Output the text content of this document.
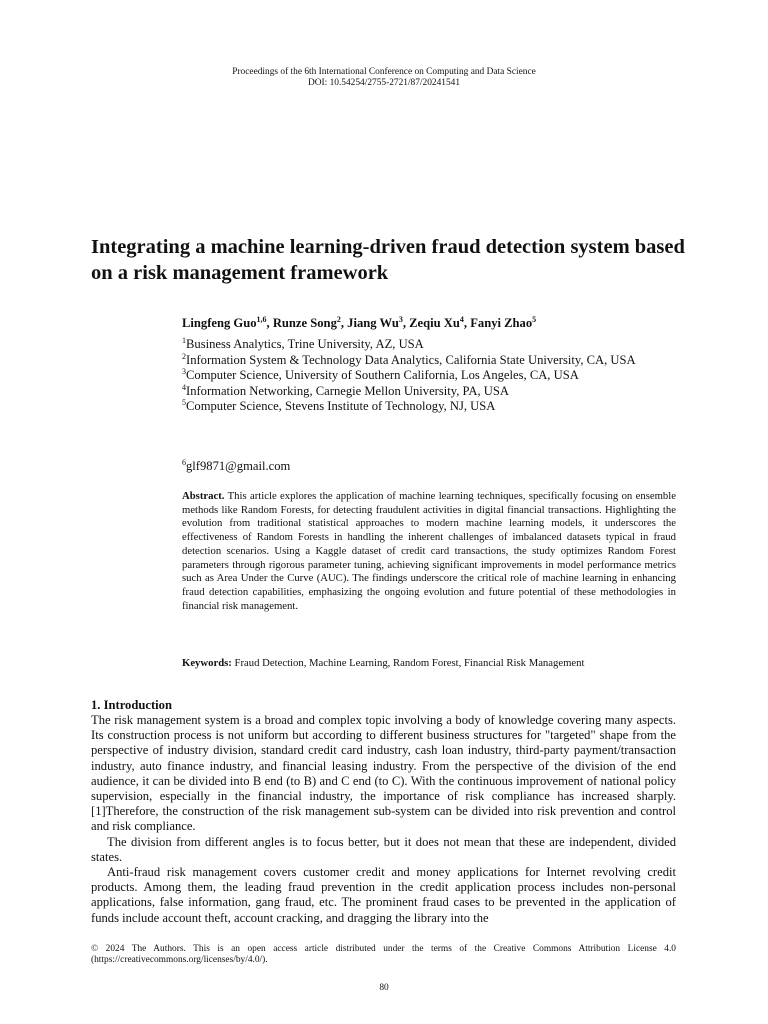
Proceedings of the 6th International Conference on Computing and Data Science
DOI: 10.54254/2755-2721/87/20241541
Integrating a machine learning-driven fraud detection system based on a risk management framework
Lingfeng Guo$^{1,6}$, Runze Song$^2$, Jiang Wu$^3$, Zeqiu Xu$^4$, Fanyi Zhao$^5$
$^1$Business Analytics, Trine University, AZ, USA
$^2$Information System & Technology Data Analytics, California State University, CA, USA
$^3$Computer Science, University of Southern California, Los Angeles, CA, USA
$^4$Information Networking, Carnegie Mellon University, PA, USA
$^5$Computer Science, Stevens Institute of Technology, NJ, USA
$^6$glf9871@gmail.com
Abstract. This article explores the application of machine learning techniques, specifically focusing on ensemble methods like Random Forests, for detecting fraudulent activities in digital financial transactions. Highlighting the evolution from traditional statistical approaches to modern machine learning models, it underscores the effectiveness of Random Forests in handling the inherent challenges of imbalanced datasets typical in fraud detection scenarios. Using a Kaggle dataset of credit card transactions, the study optimizes Random Forest parameters through rigorous parameter tuning, achieving significant improvements in model performance metrics such as Area Under the Curve (AUC). The findings underscore the critical role of machine learning in enhancing fraud detection capabilities, emphasizing the ongoing evolution and future potential of these methodologies in financial risk management.
Keywords: Fraud Detection, Machine Learning, Random Forest, Financial Risk Management
1. Introduction

The risk management system is a broad and complex topic involving a body of knowledge covering many aspects. Its construction process is not uniform but according to different business structures for "targeted" shape from the perspective of industry division, standard credit card industry, cash loan industry, third-party payment/transaction industry, auto finance industry, and financial leasing industry. From the perspective of the division of the end audience, it can be divided into B end (to B) and C end (to C). With the continuous improvement of national policy supervision, especially in the financial industry, the importance of risk compliance has increased sharply.[1]Therefore, the construction of the risk management sub-system can be divided into risk prevention and control and risk compliance.

The division from different angles is to focus better, but it does not mean that these are independent, divided states.

Anti-fraud risk management covers customer credit and money applications for Internet revolving credit products. Among them, the leading fraud prevention in the credit application process includes non-personal applications, false information, gang fraud, etc. The prominent fraud cases to be prevented in the application of funds include account theft, account cracking, and dragging the library into the

© 2024 The Authors. This is an open access article distributed under the terms of the Creative Commons Attribution License 4.0 (https://creativecommons.org/licenses/by/4.0/).
80
